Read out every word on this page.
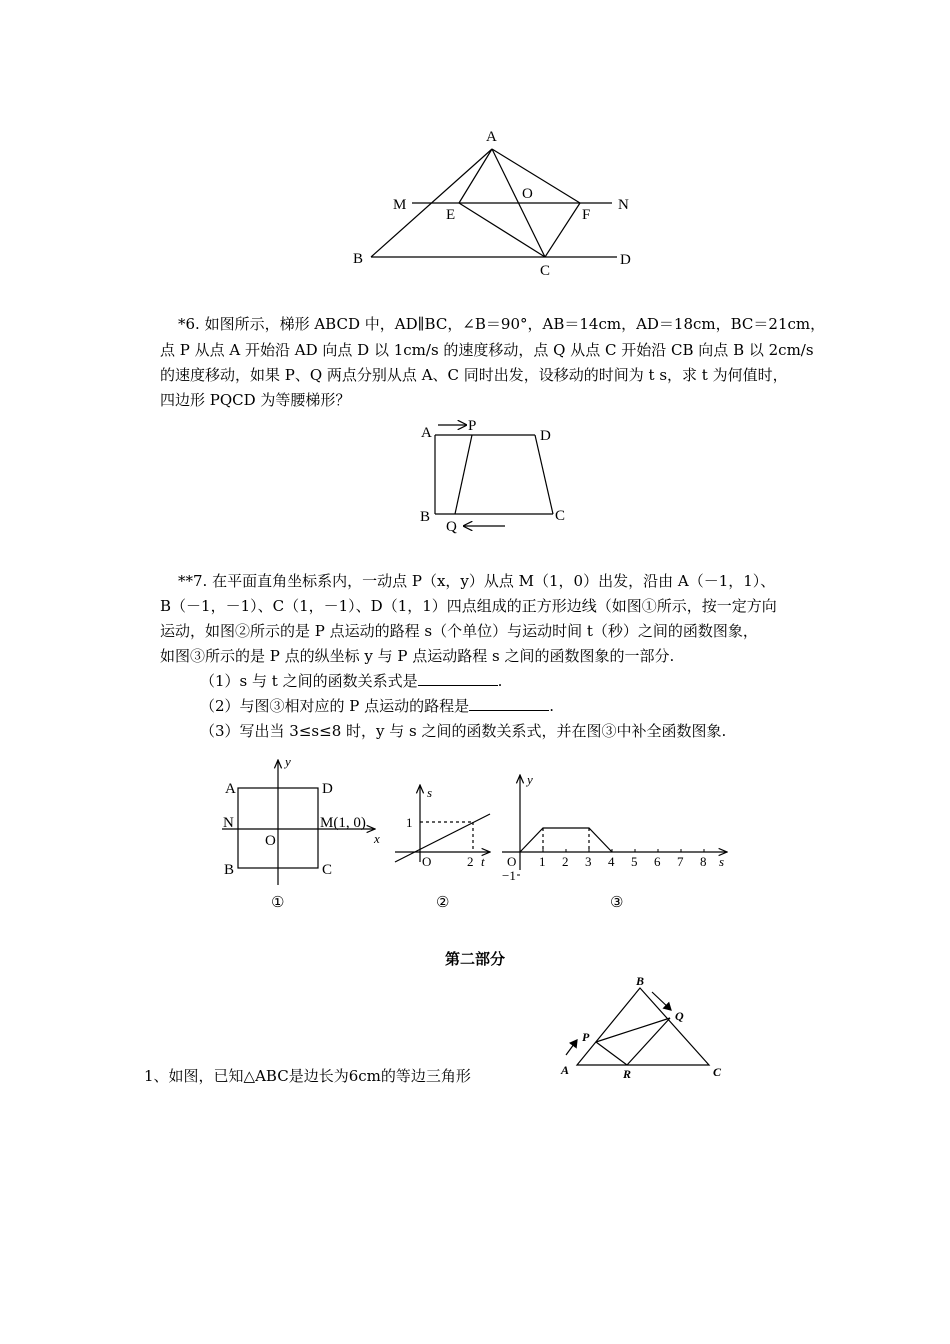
A
M
E
O
F
N
B
C
D
*6. 如图所示，梯形 ABCD 中，AD∥BC，∠B＝90°，AB＝14cm，AD＝18cm，BC＝21cm，
点 P 从点 A 开始沿 AD 向点 D 以 1cm/s 的速度移动，点 Q 从点 C 开始沿 CB 向点 B 以 2cm/s
的速度移动，如果 P、Q 两点分别从点 A、C 同时出发，设移动的时间为 t s，求 t 为何值时，
四边形 PQCD 为等腰梯形？
A P
D
B
Q
C
**7. 在平面直角坐标系内，一动点 P（x，y）从点 M（1，0）出发，沿由 A（－1，1）、
B（－1，－1）、C（1，－1）、D（1，1）四点组成的正方形边线（如图①所示，按一定方向
运动，如图②所示的是 P 点运动的路程 s（个单位）与运动时间 t（秒）之间的函数图象，
如图③所示的是 P 点的纵坐标 y 与 P 点运动路程 s 之间的函数图象的一部分.
（1）s 与 t 之间的函数关系式是	.
（2）与图③相对应的 P 点运动的路程是	.
（3）写出当 3≤s≤8 时，y 与 s 之间的函数关系式，并在图③中补全函数图象.
A	D
N	M(1, 0)
O
B	C
x
y
①
s
1
O	2 t
②
1 2 3 4 5 6 7 8
y
O
−1
s
③
第二部分
1、如图，已知△ABC是边长为6cm的等边三角形
B
Q
P
A	R	C
